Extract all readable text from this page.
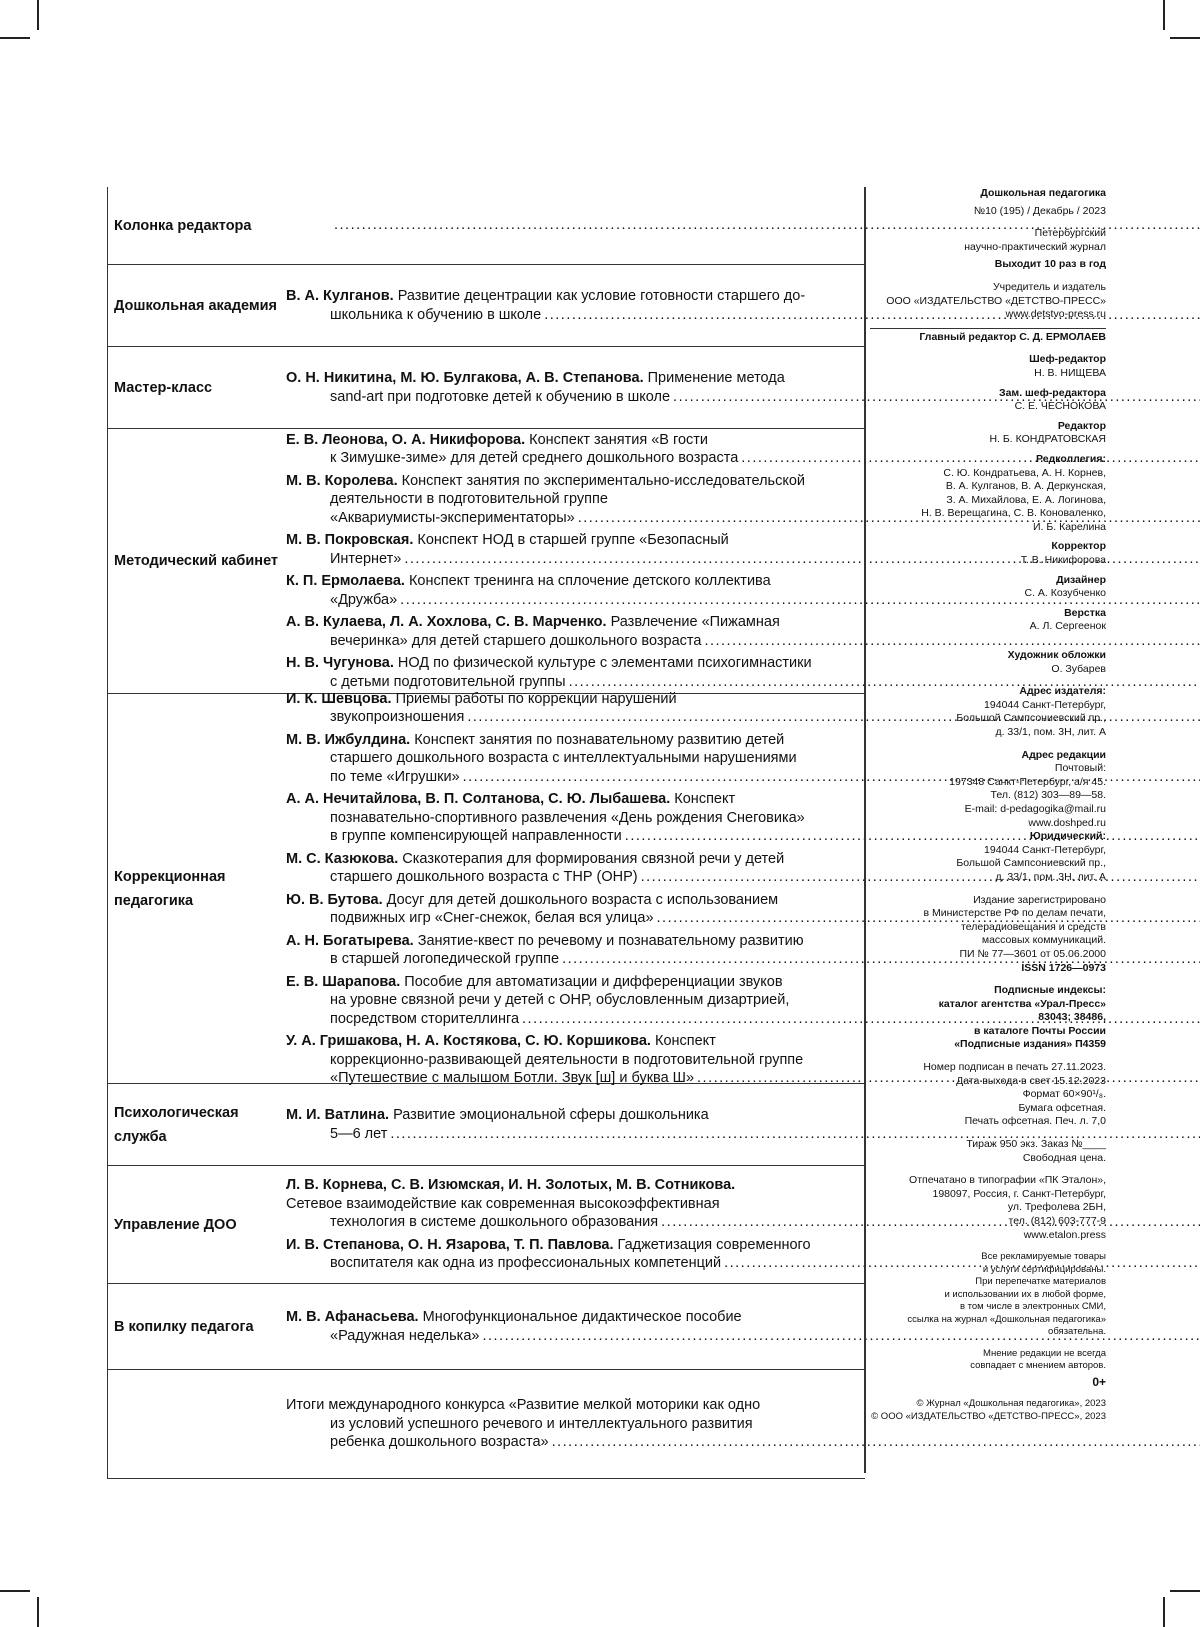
Колонка редактора
.....
Дошкольная академия
В. А. Кулганов. Развитие децентрации как условие готовности старшего до-
школьника к обучению в школе
.....
Мастер-класс
О. Н. Никитина, М. Ю. Булгакова, А. В. Степанова. Применение метода
sand-art при подготовке детей к обучению в школе
.....
Методический кабинет
Е. В. Леонова, О. А. Никифорова. Конспект занятия «В гости
к Зимушке-зиме» для детей среднего дошкольного возраста
.....
М. В. Королева. Конспект занятия по экспериментально-исследовательской
деятельности в подготовительной группе
«Аквариумисты-экспериментаторы»
.....
М. В. Покровская. Конспект НОД в старшей группе «Безопасный
Интернет»
.....
К. П. Ермолаева. Конспект тренинга на сплочение детского коллектива
«Дружба»
.....
А. В. Кулаева, Л. А. Хохлова, С. В. Марченко. Развлечение «Пижамная
вечеринка» для детей старшего дошкольного возраста
.....
Н. В. Чугунова. НОД по физической культуре с элементами психогимнастики
с детьми подготовительной группы
.....
Коррекционная педагогика
И. К. Шевцова. Приемы работы по коррекции нарушений
звукопроизношения
.....
М. В. Ижбулдина. Конспект занятия по познавательному развитию детей
старшего дошкольного возраста с интеллектуальными нарушениями
по теме «Игрушки»
.....
А. А. Нечитайлова, В. П. Солтанова, С. Ю. Лыбашева. Конспект
познавательно-спортивного развлечения «День рождения Снеговика»
в группе компенсирующей направленности
.....
М. С. Казюкова. Сказкотерапия для формирования связной речи у детей
старшего дошкольного возраста с ТНР (ОНР)
.....
Ю. В. Бутова. Досуг для детей дошкольного возраста с использованием
подвижных игр «Снег-снежок, белая вся улица»
.....
А. Н. Богатырева. Занятие-квест по речевому и познавательному развитию
в старшей логопедической группе
.....
Е. В. Шарапова. Пособие для автоматизации и дифференциации звуков
на уровне связной речи у детей с ОНР, обусловленным дизартрией,
посредством сторителлинга
.....
У. А. Гришакова, Н. А. Костякова, С. Ю. Коршикова. Конспект
коррекционно-развивающей деятельности в подготовительной группе
«Путешествие с малышом Ботли. Звук [ш] и буква Ш»
.....
Психологическая служба
М. И. Ватлина. Развитие эмоциональной сферы дошкольника
5—6 лет
.....
Управление ДОО
Л. В. Корнева, С. В. Изюмская, И. Н. Золотых, М. В. Сотникова.
Сетевое взаимодействие как современная высокоэффективная
технология в системе дошкольного образования
.....
И. В. Степанова, О. Н. Язарова, Т. П. Павлова. Гаджетизация современного
воспитателя как одна из профессиональных компетенций
.....
В копилку педагога
М. В. Афанасьева. Многофункциональное дидактическое пособие
«Радужная неделька»
.....
Итоги международного конкурса «Развитие мелкой моторики как одно
из условий успешного речевого и интеллектуального развития
ребенка дошкольного возраста»
.....
Дошкольная педагогика
№10 (195) / Декабрь / 2023
Петербургский
научно-практический журнал
Выходит 10 раз в год
Учредитель и издатель
ООО «ИЗДАТЕЛЬСТВО «ДЕТСТВО-ПРЕСС»
www.detstvo-press.ru
Главный редактор С. Д. ЕРМОЛАЕВ
Шеф-редактор
Н. В. НИЩЕВА
Зам. шеф-редактора
С. Е. ЧЕСНОКОВА
Редактор
Н. Б. КОНДРАТОВСКАЯ
Редколлегия:
С. Ю. Кондратьева, А. Н. Корнев,
В. А. Кулганов, В. А. Деркунская,
З. А. Михайлова, Е. А. Логинова,
Н. В. Верещагина, С. В. Коноваленко,
И. Б. Карелина
Корректор
Т. В. Никифорова
Дизайнер
С. А. Козубченко
Верстка
А. Л. Сергеенок
Художник обложки
О. Зубарев
Адрес издателя:
194044 Санкт-Петербург,
Большой Сампсониевский пр.,
д. 33/1, пом. 3Н, лит. А
Адрес редакции
Почтовый:
197348 Санкт-Петербург, а/я 45.
Тел. (812) 303—89—58.
E-mail: d-pedagogika@mail.ru
www.doshped.ru
Юридический:
194044 Санкт-Петербург,
Большой Сампсониевский пр.,
д. 33/1, пом. 3Н, лит. А
Издание зарегистрировано
в Министерстве РФ по делам печати,
телерадиовещания и средств
массовых коммуникаций.
ПИ № 77—3601 от 05.06.2000
ISSN 1726—0973
Подписные индексы:
каталог агентства «Урал-Пресс»
83043; 38486,
в каталоге Почты России
«Подписные издания» П4359
Номер подписан в печать 27.11.2023.
Дата выхода в свет 15.12.2023
Формат 60×90¹/₈.
Бумага офсетная.
Печать офсетная. Печ. л. 7,0
Тираж 950 экз. Заказ №____
Свободная цена.
Отпечатано в типографии «ПК Эталон»,
198097, Россия, г. Санкт-Петербург,
ул. Трефолева 2БН,
тел. (812) 603-777-9
www.etalon.press
Все рекламируемые товары
и услуги сертифицированы.
При перепечатке материалов
и использовании их в любой форме,
в том числе в электронных СМИ,
ссылка на журнал «Дошкольная педагогика»
обязательна.
Мнение редакции не всегда
совпадает с мнением авторов.
0+
© Журнал «Дошкольная педагогика», 2023
© ООО «ИЗДАТЕЛЬСТВО «ДЕТСТВО-ПРЕСС», 2023
